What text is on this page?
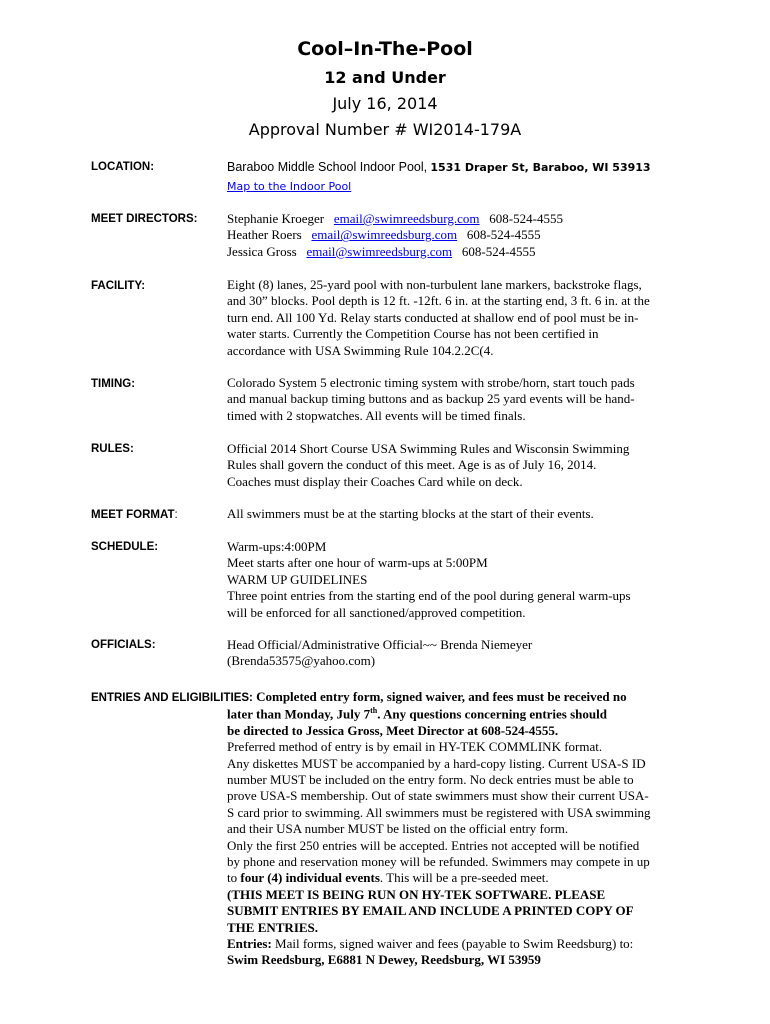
Cool–In-The-Pool
12 and Under
July 16, 2014
Approval Number # WI2014-179A
LOCATION:	Baraboo Middle School Indoor Pool, 1531 Draper St, Baraboo, WI 53913
Map to the Indoor Pool
MEET DIRECTORS: Stephanie Kroeger email@swimreedsburg.com 608-524-4555
Heather Roers email@swimreedsburg.com 608-524-4555
Jessica Gross email@swimreedsburg.com 608-524-4555
FACILITY:	Eight (8) lanes, 25-yard pool with non-turbulent lane markers, backstroke flags,
and 30” blocks. Pool depth is 12 ft. -12ft. 6 in. at the starting end, 3 ft. 6 in. at the
turn end. All 100 Yd. Relay starts conducted at shallow end of pool must be in-
water starts. Currently the Competition Course has not been certified in
accordance with USA Swimming Rule 104.2.2C(4.
TIMING:	Colorado System 5 electronic timing system with strobe/horn, start touch pads
and manual backup timing buttons and as backup 25 yard events will be hand-
timed with 2 stopwatches. All events will be timed finals.
RULES:	Official 2014 Short Course USA Swimming Rules and Wisconsin Swimming
Rules shall govern the conduct of this meet. Age is as of July 16, 2014.
Coaches must display their Coaches Card while on deck.
MEET FORMAT:	All swimmers must be at the starting blocks at the start of their events.
SCHEDULE:	Warm-ups:4:00PM
Meet starts after one hour of warm-ups at 5:00PM
WARM UP GUIDELINES
Three point entries from the starting end of the pool during general warm-ups
will be enforced for all sanctioned/approved competition.
OFFICIALS:	Head Official/Administrative Official~~ Brenda Niemeyer
(Brenda53575@yahoo.com)
ENTRIES AND ELIGIBILITIES: Completed entry form, signed waiver, and fees must be received no
later than Monday, July 7th. Any questions concerning entries should
be directed to Jessica Gross, Meet Director at 608-524-4555.
Preferred method of entry is by email in HY-TEK COMMLINK format.
Any diskettes MUST be accompanied by a hard-copy listing. Current USA-S ID
number MUST be included on the entry form. No deck entries must be able to
prove USA-S membership. Out of state swimmers must show their current USA-
S card prior to swimming. All swimmers must be registered with USA swimming
and their USA number MUST be listed on the official entry form.
Only the first 250 entries will be accepted. Entries not accepted will be notified
by phone and reservation money will be refunded. Swimmers may compete in up
to four (4) individual events. This will be a pre-seeded meet.
(THIS MEET IS BEING RUN ON HY-TEK SOFTWARE. PLEASE
SUBMIT ENTRIES BY EMAIL AND INCLUDE A PRINTED COPY OF
THE ENTRIES.
Entries: Mail forms, signed waiver and fees (payable to Swim Reedsburg) to:
Swim Reedsburg, E6881 N Dewey, Reedsburg, WI 53959
